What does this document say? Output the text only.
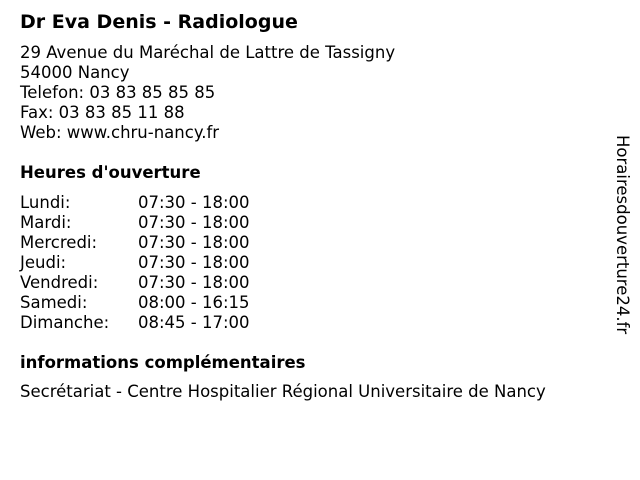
Dr Eva Denis - Radiologue
29 Avenue du Maréchal de Lattre de Tassigny
54000 Nancy
Telefon: 03 83 85 85 85
Fax: 03 83 85 11 88
Web: www.chru-nancy.fr
Heures d'ouverture
Lundi:	07:30 - 18:00
Mardi:	07:30 - 18:00
Mercredi:	07:30 - 18:00
Jeudi:	07:30 - 18:00
Vendredi:	07:30 - 18:00
Samedi:	08:00 - 16:15
Dimanche:	08:45 - 17:00
informations complémentaires
Secrétariat - Centre Hospitalier Régional Universitaire de Nancy
Horairesdouverture24.fr
